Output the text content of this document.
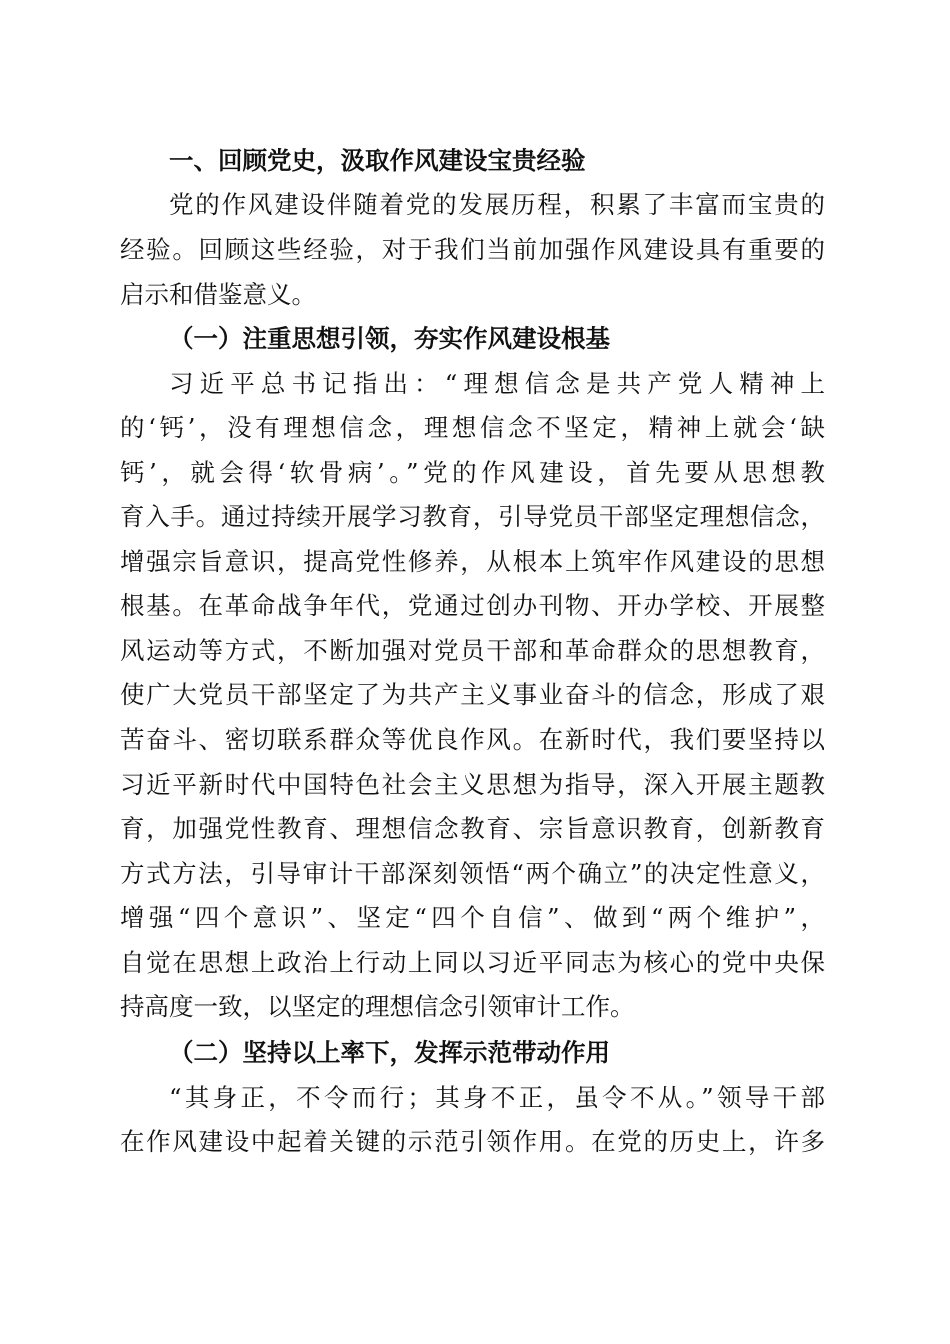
一、回顾党史，汲取作风建设宝贵经验
党的作风建设伴随着党的发展历程，积累了丰富而宝贵的
经验。回顾这些经验，对于我们当前加强作风建设具有重要的
启示和借鉴意义。
（一）注重思想引领，夯实作风建设根基
习近平总书记指出：“理想信念是共产党人精神上
的‘钙’，没有理想信念，理想信念不坚定，精神上就会‘缺
钙’，就会得‘软骨病’。”党的作风建设，首先要从思想教
育入手。通过持续开展学习教育，引导党员干部坚定理想信念，
增强宗旨意识，提高党性修养，从根本上筑牢作风建设的思想
根基。在革命战争年代，党通过创办刊物、开办学校、开展整
风运动等方式，不断加强对党员干部和革命群众的思想教育，
使广大党员干部坚定了为共产主义事业奋斗的信念，形成了艰
苦奋斗、密切联系群众等优良作风。在新时代，我们要坚持以
习近平新时代中国特色社会主义思想为指导，深入开展主题教
育，加强党性教育、理想信念教育、宗旨意识教育，创新教育
方式方法，引导审计干部深刻领悟“两个确立”的决定性意义，
增强“四个意识”、坚定“四个自信”、做到“两个维护”，
自觉在思想上政治上行动上同以习近平同志为核心的党中央保
持高度一致，以坚定的理想信念引领审计工作。
（二）坚持以上率下，发挥示范带动作用
“其身正，不令而行；其身不正，虽令不从。”领导干部
在作风建设中起着关键的示范引领作用。在党的历史上，许多
